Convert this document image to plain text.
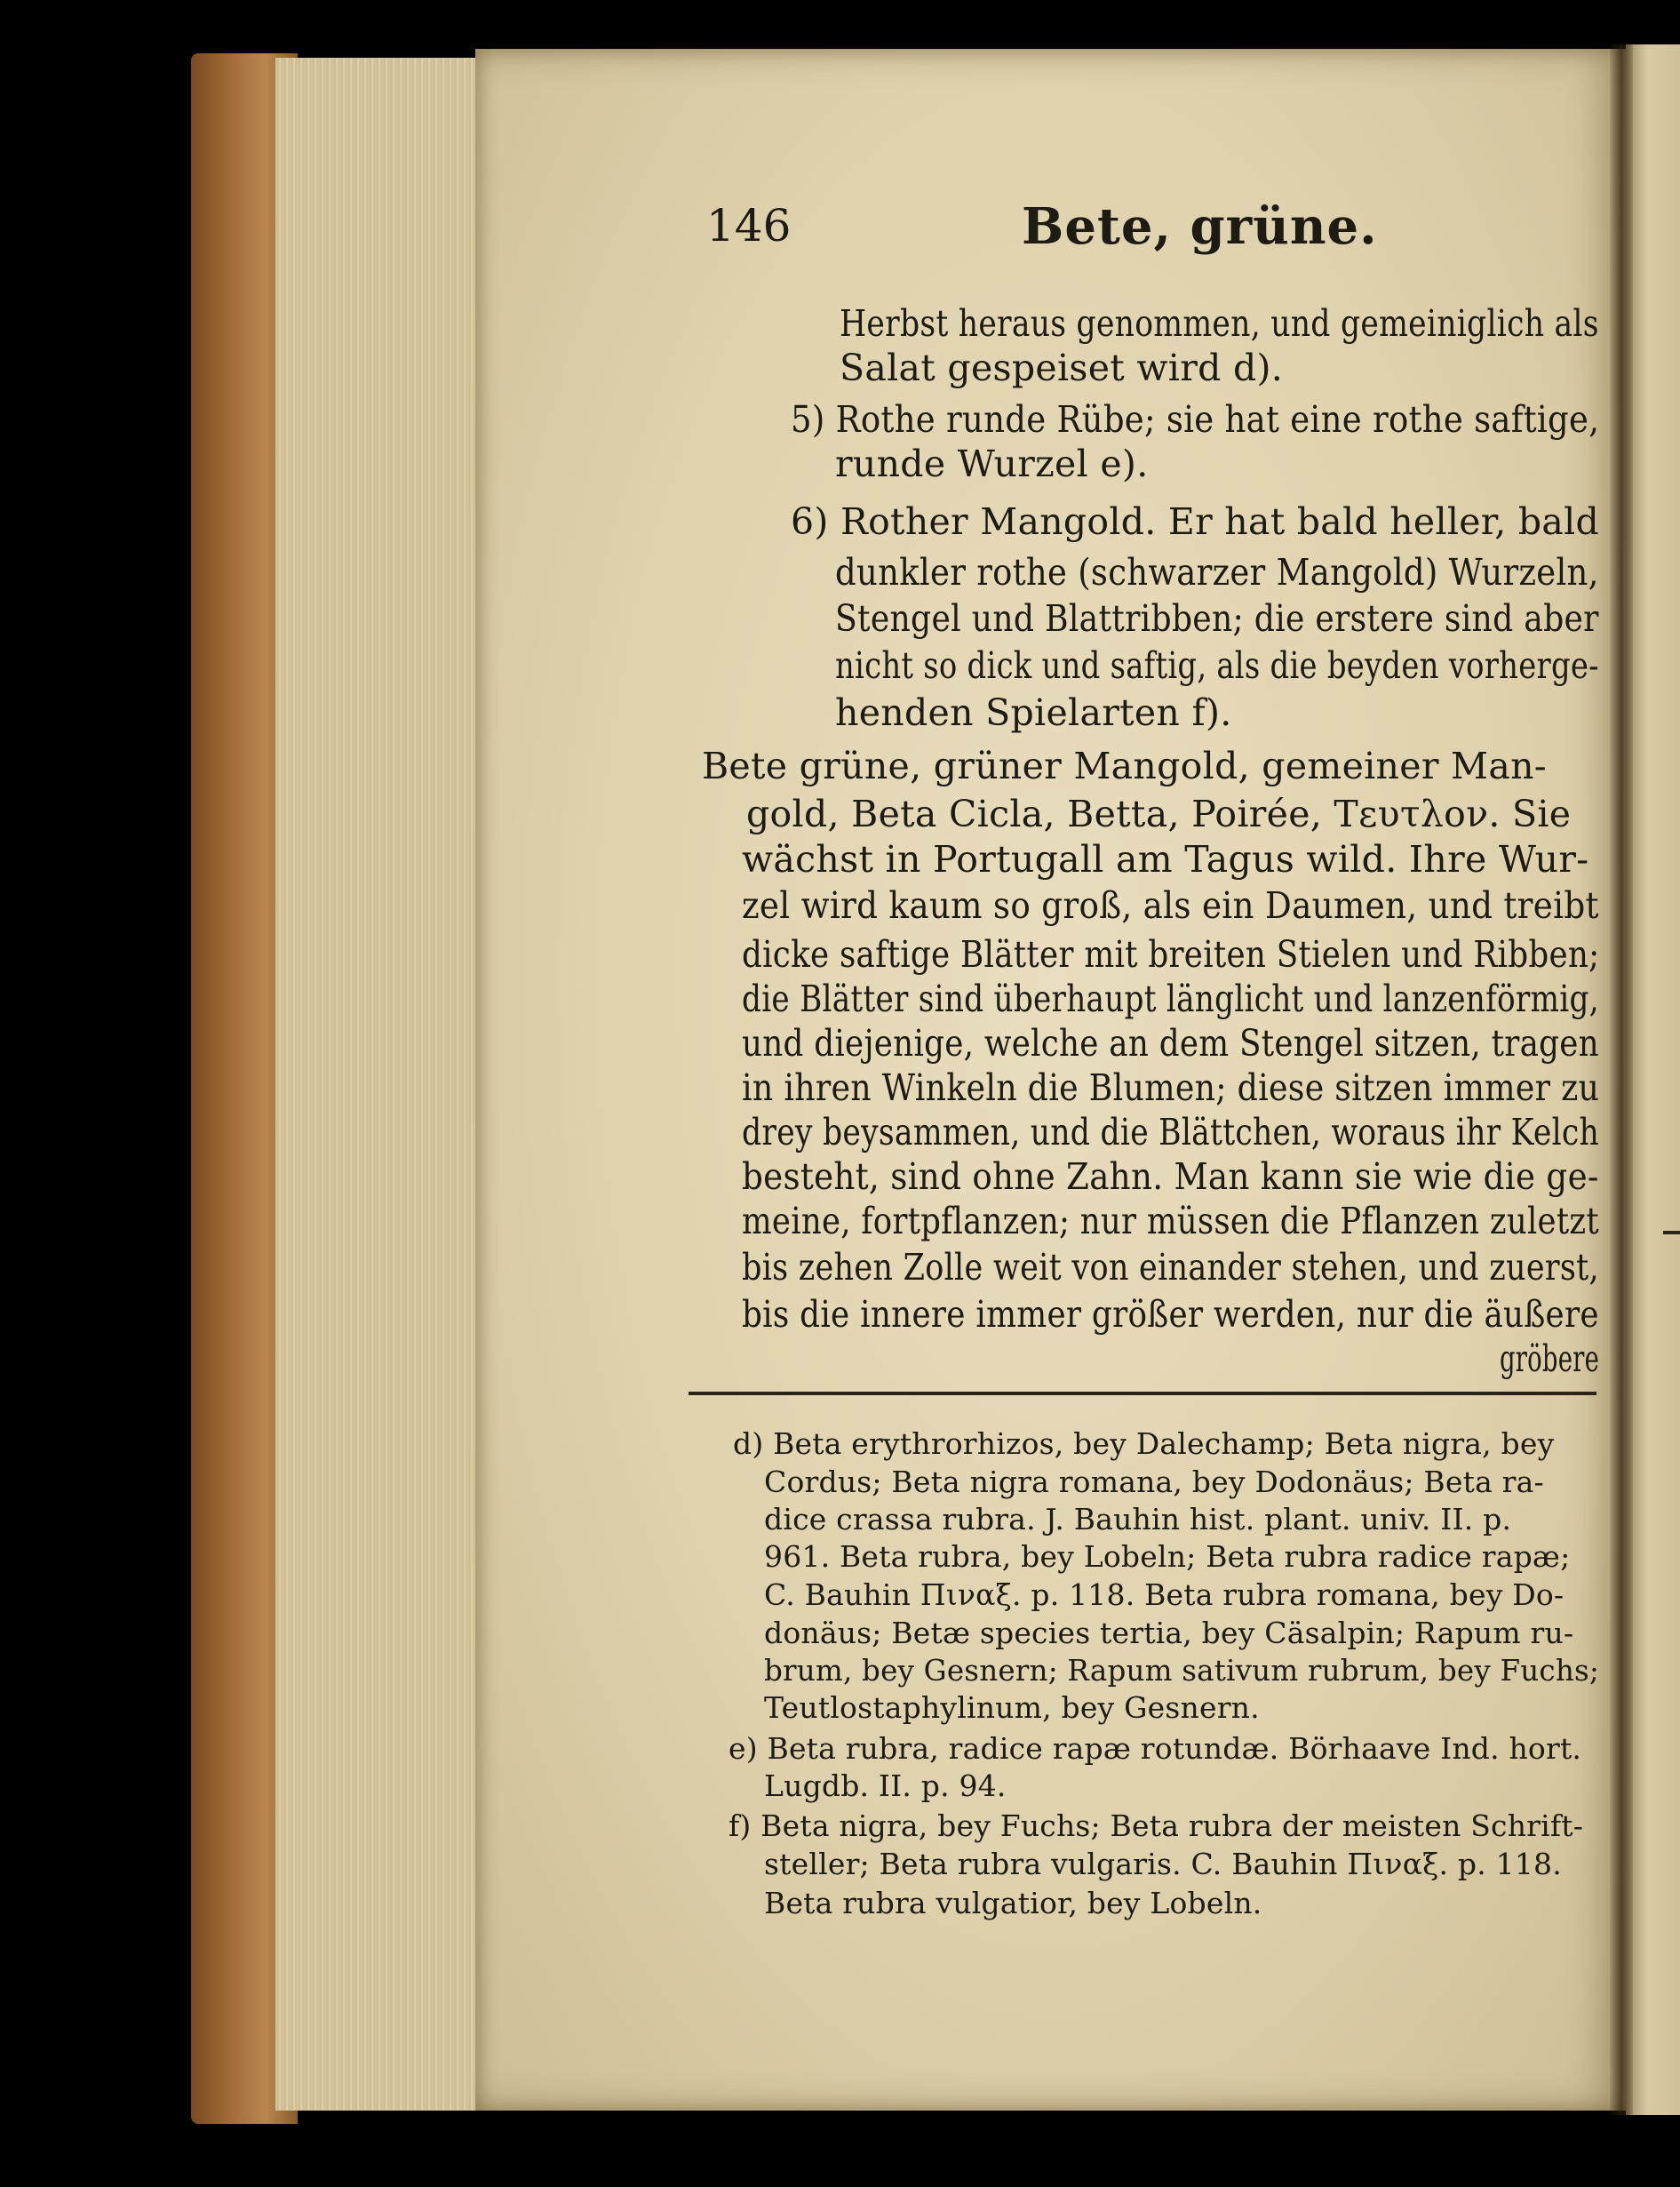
146	Bete, grüne.
Herbst heraus genommen, und gemeiniglich als
Salat gespeiset wird d).
5) Rothe runde Rübe; sie hat eine rothe saftige,
runde Wurzel e).
6) Rother Mangold. Er hat bald heller, bald
dunkler rothe (schwarzer Mangold) Wurzeln,
Stengel und Blattribben; die erstere sind aber
nicht so dick und saftig, als die beyden vorherge-
henden Spielarten f).
Bete grüne, grüner Mangold, gemeiner Man-
gold, Beta Cicla, Betta, Poirée, Τευτλον. Sie
wächst in Portugall am Tagus wild. Ihre Wur-
zel wird kaum so groß, als ein Daumen, und treibt
dicke saftige Blätter mit breiten Stielen und Ribben;
die Blätter sind überhaupt länglicht und lanzenförmig,
und diejenige, welche an dem Stengel sitzen, tragen
in ihren Winkeln die Blumen; diese sitzen immer zu
drey beysammen, und die Blättchen, woraus ihr Kelch
besteht, sind ohne Zahn. Man kann sie wie die ge-
meine, fortpflanzen; nur müssen die Pflanzen zuletzt
bis zehen Zolle weit von einander stehen, und zuerst,
bis die innere immer größer werden, nur die äußere
gröbere
d) Beta erythrorhizos, bey Dalechamp; Beta nigra, bey
Cordus; Beta nigra romana, bey Dodonäus; Beta ra-
dice crassa rubra. J. Bauhin hist. plant. univ. II. p.
961. Beta rubra, bey Lobeln; Beta rubra radice rapæ;
C. Bauhin Πιναξ. p. 118. Beta rubra romana, bey Do-
donäus; Betæ species tertia, bey Cäsalpin; Rapum ru-
brum, bey Gesnern; Rapum sativum rubrum, bey Fuchs;
Teutlostaphylinum, bey Gesnern.
e) Beta rubra, radice rapæ rotundæ. Börhaave Ind. hort.
Lugdb. II. p. 94.
f) Beta nigra, bey Fuchs; Beta rubra der meisten Schrift-
steller; Beta rubra vulgaris. C. Bauhin Πιναξ. p. 118.
Beta rubra vulgatior, bey Lobeln.
